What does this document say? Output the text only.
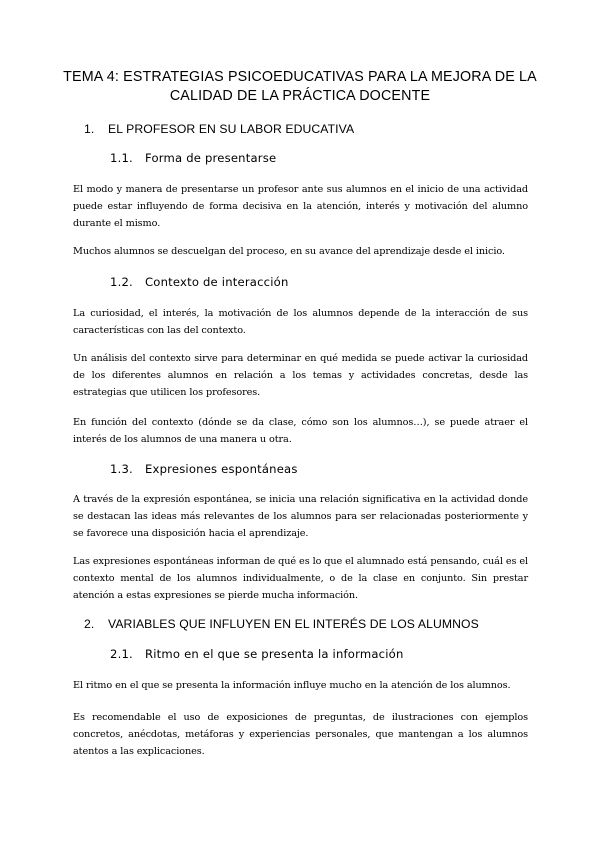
TEMA 4: ESTRATEGIAS PSICOEDUCATIVAS PARA LA MEJORA DE LA CALIDAD DE LA PRÁCTICA DOCENTE
1. EL PROFESOR EN SU LABOR EDUCATIVA
1.1. Forma de presentarse

El modo y manera de presentarse un profesor ante sus alumnos en el inicio de una actividad puede estar influyendo de forma decisiva en la atención, interés y motivación del alumno durante el mismo.

Muchos alumnos se descuelgan del proceso, en su avance del aprendizaje desde el inicio.

1.2. Contexto de interacción

La curiosidad, el interés, la motivación de los alumnos depende de la interacción de sus características con las del contexto.

Un análisis del contexto sirve para determinar en qué medida se puede activar la curiosidad de los diferentes alumnos en relación a los temas y actividades concretas, desde las estrategias que utilicen los profesores.

En función del contexto (dónde se da clase, cómo son los alumnos…), se puede atraer el interés de los alumnos de una manera u otra.

1.3. Expresiones espontáneas

A través de la expresión espontánea, se inicia una relación significativa en la actividad donde se destacan las ideas más relevantes de los alumnos para ser relacionadas posteriormente y se favorece una disposición hacia el aprendizaje.

Las expresiones espontáneas informan de qué es lo que el alumnado está pensando, cuál es el contexto mental de los alumnos individualmente, o de la clase en conjunto. Sin prestar atención a estas expresiones se pierde mucha información.

2. VARIABLES QUE INFLUYEN EN EL INTERÉS DE LOS ALUMNOS
2.1. Ritmo en el que se presenta la información

El ritmo en el que se presenta la información influye mucho en la atención de los alumnos.

Es recomendable el uso de exposiciones de preguntas, de ilustraciones con ejemplos concretos, anécdotas, metáforas y experiencias personales, que mantengan a los alumnos atentos a las explicaciones.
